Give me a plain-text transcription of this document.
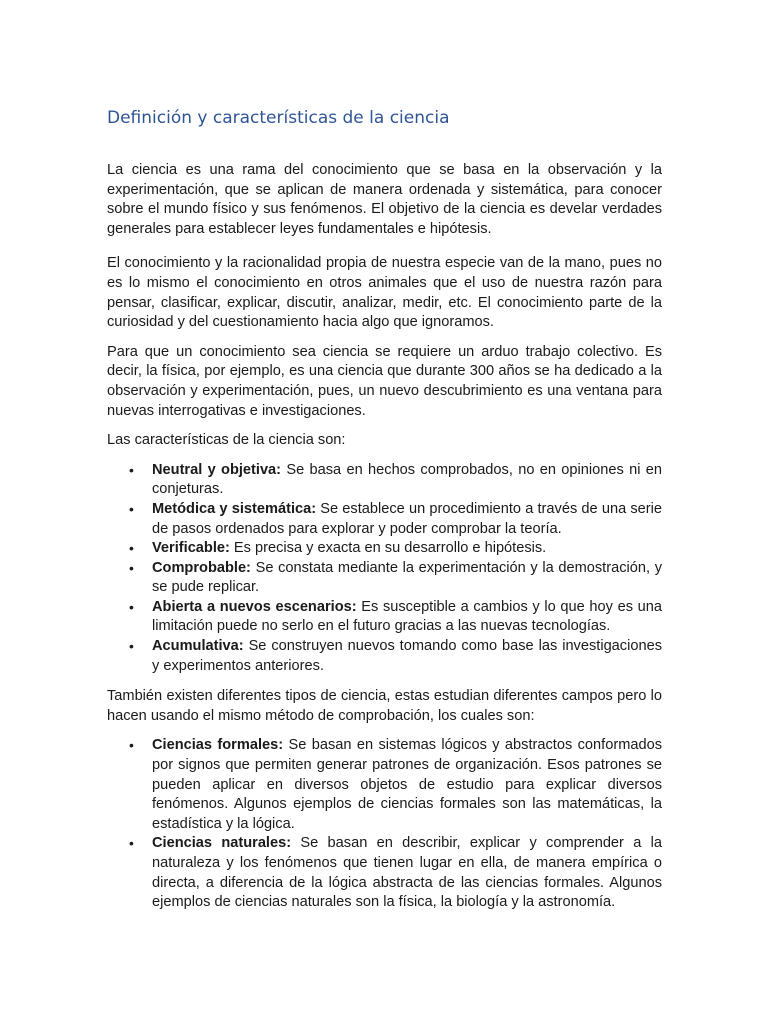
Definición y características de la ciencia

La ciencia es una rama del conocimiento que se basa en la observación y la experimentación, que se aplican de manera ordenada y sistemática, para conocer sobre el mundo físico y sus fenómenos. El objetivo de la ciencia es develar verdades generales para establecer leyes fundamentales e hipótesis.

El conocimiento y la racionalidad propia de nuestra especie van de la mano, pues no es lo mismo el conocimiento en otros animales que el uso de nuestra razón para pensar, clasificar, explicar, discutir, analizar, medir, etc. El conocimiento parte de la curiosidad y del cuestionamiento hacia algo que ignoramos.

Para que un conocimiento sea ciencia se requiere un arduo trabajo colectivo. Es decir, la física, por ejemplo, es una ciencia que durante 300 años se ha dedicado a la observación y experimentación, pues, un nuevo descubrimiento es una ventana para nuevas interrogativas e investigaciones.

Las características de la ciencia son:

• Neutral y objetiva: Se basa en hechos comprobados, no en opiniones ni en conjeturas.
• Metódica y sistemática: Se establece un procedimiento a través de una serie de pasos ordenados para explorar y poder comprobar la teoría.
• Verificable: Es precisa y exacta en su desarrollo e hipótesis.
• Comprobable: Se constata mediante la experimentación y la demostración, y se pude replicar.
• Abierta a nuevos escenarios: Es susceptible a cambios y lo que hoy es una limitación puede no serlo en el futuro gracias a las nuevas tecnologías.
• Acumulativa: Se construyen nuevos tomando como base las investigaciones y experimentos anteriores.

También existen diferentes tipos de ciencia, estas estudian diferentes campos pero lo hacen usando el mismo método de comprobación, los cuales son:

• Ciencias formales: Se basan en sistemas lógicos y abstractos conformados por signos que permiten generar patrones de organización. Esos patrones se pueden aplicar en diversos objetos de estudio para explicar diversos fenómenos. Algunos ejemplos de ciencias formales son las matemáticas, la estadística y la lógica.
• Ciencias naturales: Se basan en describir, explicar y comprender a la naturaleza y los fenómenos que tienen lugar en ella, de manera empírica o directa, a diferencia de la lógica abstracta de las ciencias formales. Algunos ejemplos de ciencias naturales son la física, la biología y la astronomía.
